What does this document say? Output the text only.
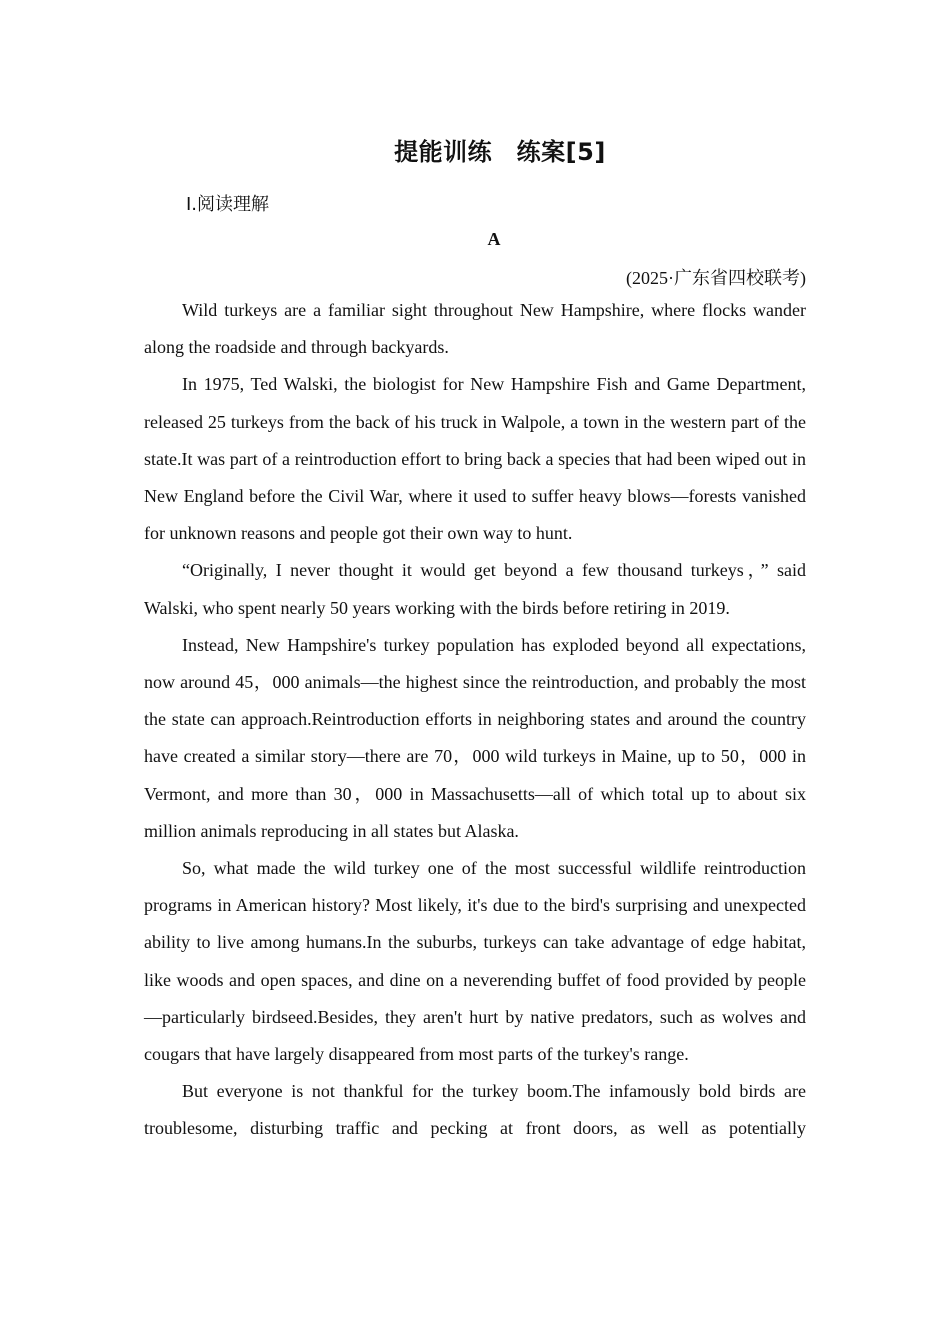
提能训练　练案[5]
Ⅰ.阅读理解
A
(2025·广东省四校联考)

Wild turkeys are a familiar sight throughout New Hampshire, where flocks wander along the roadside and through backyards.

In 1975, Ted Walski, the biologist for New Hampshire Fish and Game Department, released 25 turkeys from the back of his truck in Walpole, a town in the western part of the state.It was part of a reintroduction effort to bring back a species that had been wiped out in New England before the Civil War, where it used to suffer heavy blows—forests vanished for unknown reasons and people got their own way to hunt.

“Originally, I never thought it would get beyond a few thousand turkeys，” said Walski, who spent nearly 50 years working with the birds before retiring in 2019.

Instead, New Hampshire's turkey population has exploded beyond all expectations, now around 45，000 animals—the highest since the reintroduction, and probably the most the state can approach.Reintroduction efforts in neighboring states and around the country have created a similar story—there are 70，000 wild turkeys in Maine, up to 50，000 in Vermont, and more than 30，000 in Massachusetts—all of which total up to about six million animals reproducing in all states but Alaska.

So, what made the wild turkey one of the most successful wildlife reintroduction programs in American history? Most likely, it's due to the bird's surprising and unexpected ability to live among humans.In the suburbs, turkeys can take advantage of edge habitat, like woods and open spaces, and dine on a neverending buffet of food provided by people—particularly birdseed.Besides, they aren't hurt by native predators, such as wolves and cougars that have largely disappeared from most parts of the turkey's range.

But everyone is not thankful for the turkey boom.The infamously bold birds are troublesome, disturbing traffic and pecking at front doors, as well as potentially
